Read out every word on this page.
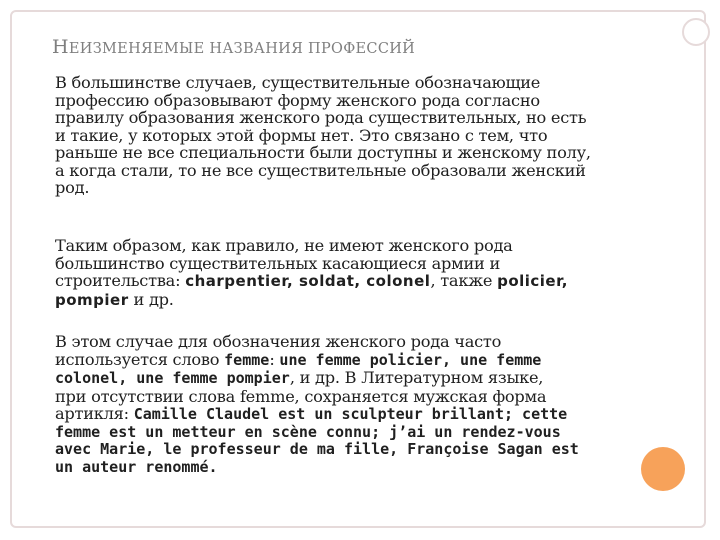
НЕИЗМЕНЯЕМЫЕ НАЗВАНИЯ ПРОФЕССИЙ
В большинстве случаев, существительные обозначающие
профессию образовывают форму женского рода согласно
правилу образования женского рода существительных, но есть
и такие, у которых этой формы нет. Это связано с тем, что
раньше не все специальности были доступны и женскому полу,
а когда стали, то не все существительные образовали женский
род.
Таким образом, как правило, не имеют женского рода
большинство существительных касающиеся армии и
строительства: charpentier, soldat, colonel, также policier,
pompier и др.
В этом случае для обозначения женского рода часто
используется слово femme: une femme policier, une femme
colonel, une femme pompier, и др. В Литературном языке,
при отсутствии слова femme, сохраняется мужская форма
артикля: Camille Claudel est un sculpteur brillant; cette
femme est un metteur en scène connu; j’ai un rendez-vous
avec Marie, le professeur de ma fille, Françoise Sagan est
un auteur renommé.
